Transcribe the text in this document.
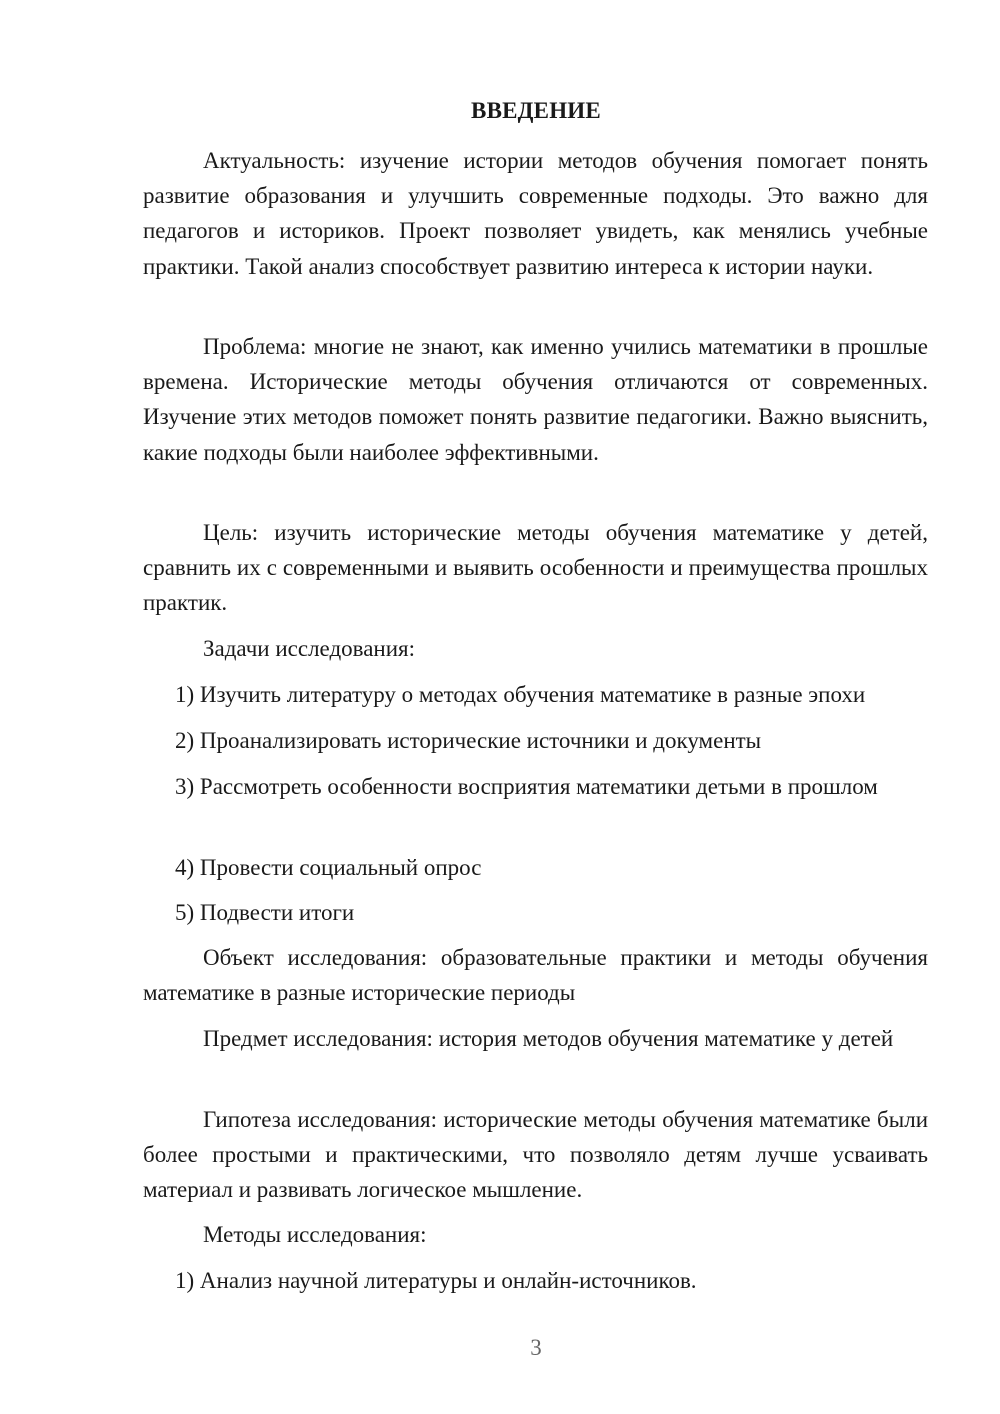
ВВЕДЕНИЕ

Актуальность: изучение истории методов обучения помогает понять развитие образования и улучшить современные подходы. Это важно для педагогов и историков. Проект позволяет увидеть, как менялись учебные практики. Такой анализ способствует развитию интереса к истории науки.

Проблема: многие не знают, как именно учились математики в прошлые времена. Исторические методы обучения отличаются от современных. Изучение этих методов поможет понять развитие педагогики. Важно выяснить, какие подходы были наиболее эффективными.

Цель: изучить исторические методы обучения математике у детей, сравнить их с современными и выявить особенности и преимущества прошлых практик.

Задачи исследования:

1) Изучить литературу о методах обучения математике в разные эпохи

2) Проанализировать исторические источники и документы

3) Рассмотреть особенности восприятия математики детьми в прошлом

4) Провести социальный опрос

5) Подвести итоги

Объект исследования: образовательные практики и методы обучения математике в разные исторические периоды

Предмет исследования: история методов обучения математике у детей

Гипотеза исследования: исторические методы обучения математике были более простыми и практическими, что позволяло детям лучше усваивать материал и развивать логическое мышление.

Методы исследования:

1) Анализ научной литературы и онлайн-источников.

3
